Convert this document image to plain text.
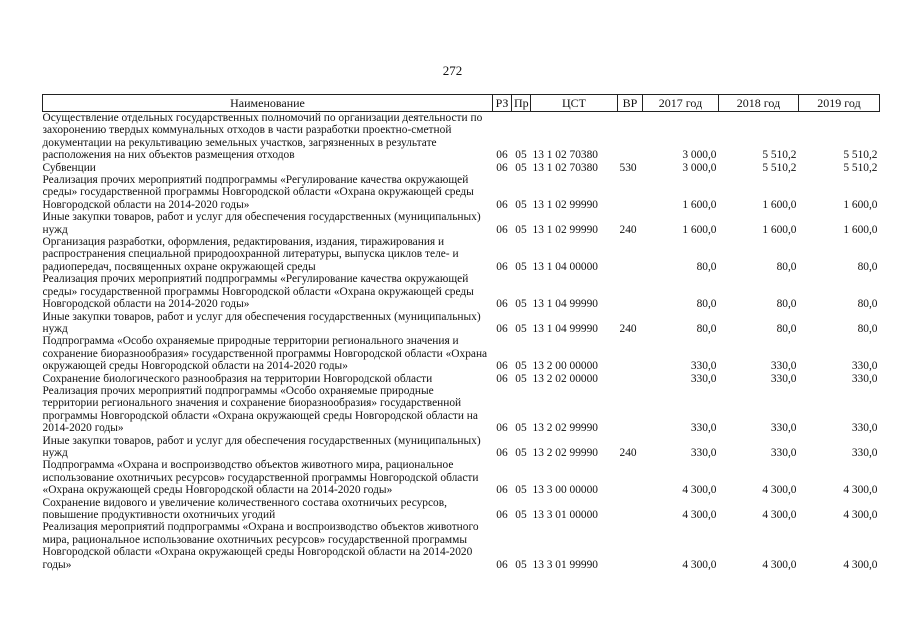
272
Наименование	РЗ	Пр	ЦСТ	ВР	2017 год	2018 год	2019 год
Осуществление отдельных государственных полномочий по организации деятельности по захоронению твердых коммунальных отходов в части разработки проектно-сметной документации на рекультивацию земельных участков, загрязненных в результате расположения на них объектов размещения отходов	06	05	13 1 02 70380		3 000,0	5 510,2	5 510,2
Субвенции	06	05	13 1 02 70380	530	3 000,0	5 510,2	5 510,2
Реализация прочих мероприятий подпрограммы «Регулирование качества окружающей среды» государственной программы Новгородской области «Охрана окружающей среды Новгородской области на 2014-2020 годы»	06	05	13 1 02 99990		1 600,0	1 600,0	1 600,0
Иные закупки товаров, работ и услуг для обеспечения государственных (муниципальных) нужд	06	05	13 1 02 99990	240	1 600,0	1 600,0	1 600,0
Организация разработки, оформления, редактирования, издания, тиражирования и распространения специальной природоохранной литературы, выпуска циклов теле- и радиопередач, посвященных охране окружающей среды	06	05	13 1 04 00000		80,0	80,0	80,0
Реализация прочих мероприятий подпрограммы «Регулирование качества окружающей среды» государственной программы Новгородской области «Охрана окружающей среды Новгородской области на 2014-2020 годы»	06	05	13 1 04 99990		80,0	80,0	80,0
Иные закупки товаров, работ и услуг для обеспечения государственных (муниципальных) нужд	06	05	13 1 04 99990	240	80,0	80,0	80,0
Подпрограмма «Особо охраняемые природные территории регионального значения и сохранение биоразнообразия» государственной программы Новгородской области «Охрана окружающей среды Новгородской области на 2014-2020 годы»	06	05	13 2 00 00000		330,0	330,0	330,0
Сохранение биологического разнообразия на территории Новгородской области	06	05	13 2 02 00000		330,0	330,0	330,0
Реализация прочих мероприятий подпрограммы «Особо охраняемые природные территории регионального значения и сохранение биоразнообразия» государственной программы Новгородской области «Охрана окружающей среды Новгородской области на 2014-2020 годы»	06	05	13 2 02 99990		330,0	330,0	330,0
Иные закупки товаров, работ и услуг для обеспечения государственных (муниципальных) нужд	06	05	13 2 02 99990	240	330,0	330,0	330,0
Подпрограмма «Охрана и воспроизводство объектов животного мира, рациональное использование охотничьих ресурсов» государственной программы Новгородской области «Охрана окружающей среды Новгородской области на 2014-2020 годы»	06	05	13 3 00 00000		4 300,0	4 300,0	4 300,0
Сохранение видового и увеличение количественного состава охотничьих ресурсов, повышение продуктивности охотничьих угодий	06	05	13 3 01 00000		4 300,0	4 300,0	4 300,0
Реализация мероприятий подпрограммы «Охрана и воспроизводство объектов животного мира, рациональное использование охотничьих ресурсов» государственной программы Новгородской области «Охрана окружающей среды Новгородской области на 2014-2020 годы»	06	05	13 3 01 99990		4 300,0	4 300,0	4 300,0
